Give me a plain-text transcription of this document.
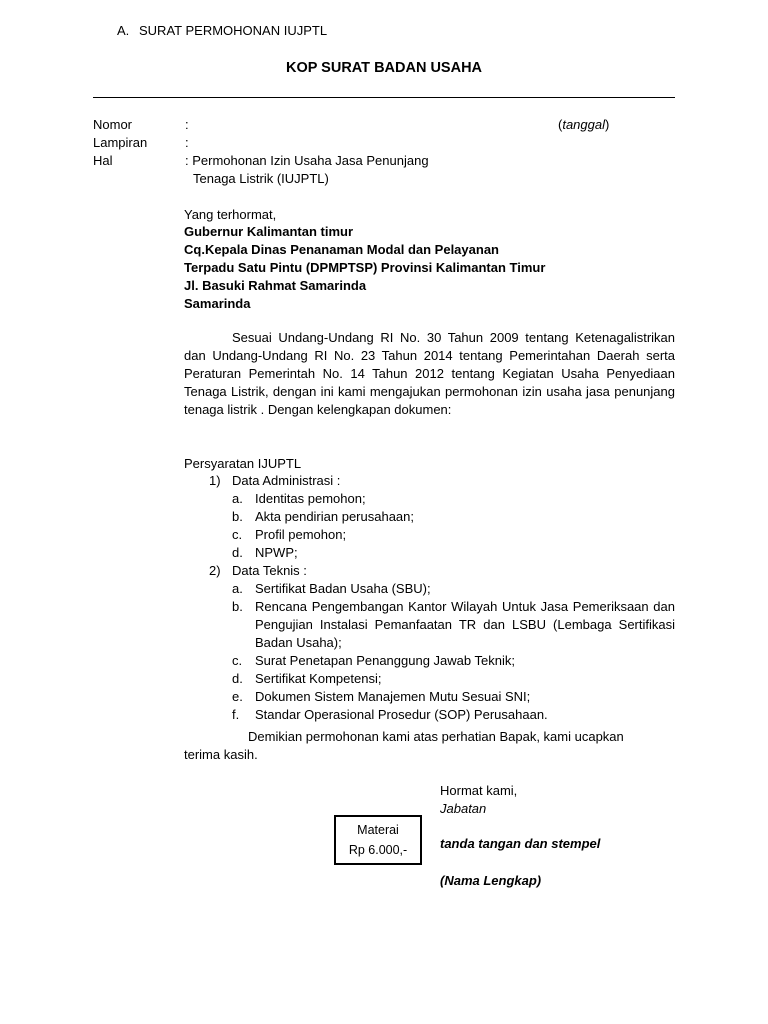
A. SURAT PERMOHONAN IUJPTL
KOP SURAT BADAN USAHA
Nomor	:	(tanggal)
Lampiran	:
Hal	: Permohonan Izin Usaha Jasa Penunjang
Tenaga Listrik (IUJPTL)
Yang terhormat,
Gubernur Kalimantan timur
Cq.Kepala Dinas Penanaman Modal dan Pelayanan
Terpadu Satu Pintu (DPMPTSP) Provinsi Kalimantan Timur
Jl. Basuki Rahmat Samarinda
Samarinda
Sesuai Undang-Undang RI No. 30 Tahun 2009 tentang Ketenagalistrikan dan Undang-Undang RI No. 23 Tahun 2014 tentang Pemerintahan Daerah serta Peraturan Pemerintah No. 14 Tahun 2012 tentang Kegiatan Usaha Penyediaan Tenaga Listrik, dengan ini kami mengajukan permohonan izin usaha jasa penunjang tenaga listrik . Dengan kelengkapan dokumen:
Persyaratan IJUPTL
1) Data Administrasi :
a. Identitas pemohon;
b. Akta pendirian perusahaan;
c. Profil pemohon;
d. NPWP;
2) Data Teknis :
a. Sertifikat Badan Usaha (SBU);
b. Rencana Pengembangan Kantor Wilayah Untuk Jasa Pemeriksaan dan Pengujian Instalasi Pemanfaatan TR dan LSBU (Lembaga Sertifikasi Badan Usaha);
c. Surat Penetapan Penanggung Jawab Teknik;
d. Sertifikat Kompetensi;
e. Dokumen Sistem Manajemen Mutu Sesuai SNI;
f. Standar Operasional Prosedur (SOP) Perusahaan.
Demikian permohonan kami atas perhatian Bapak, kami ucapkan
terima kasih.
Hormat kami,
Jabatan
tanda tangan dan stempel
(Nama Lengkap)
Materai
Rp 6.000,-
